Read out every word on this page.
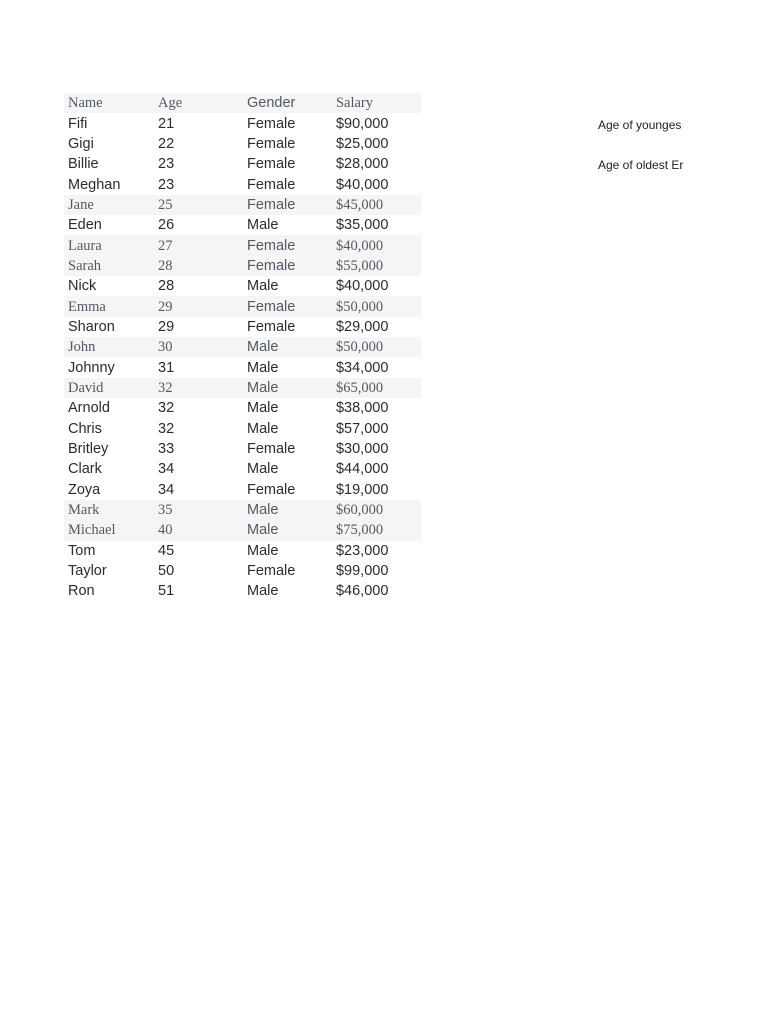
Name	Age	Gender	Salary
Fifi	21	Female	$90,000
Gigi	22	Female	$25,000
Billie	23	Female	$28,000
Meghan	23	Female	$40,000
Jane	25	Female	$45,000
Eden	26	Male	$35,000
Laura	27	Female	$40,000
Sarah	28	Female	$55,000
Nick	28	Male	$40,000
Emma	29	Female	$50,000
Sharon	29	Female	$29,000
John	30	Male	$50,000
Johnny	31	Male	$34,000
David	32	Male	$65,000
Arnold	32	Male	$38,000
Chris	32	Male	$57,000
Britley	33	Female	$30,000
Clark	34	Male	$44,000
Zoya	34	Female	$19,000
Mark	35	Male	$60,000
Michael	40	Male	$75,000
Tom	45	Male	$23,000
Taylor	50	Female	$99,000
Ron	51	Male	$46,000
Age of younges
Age of oldest Er
